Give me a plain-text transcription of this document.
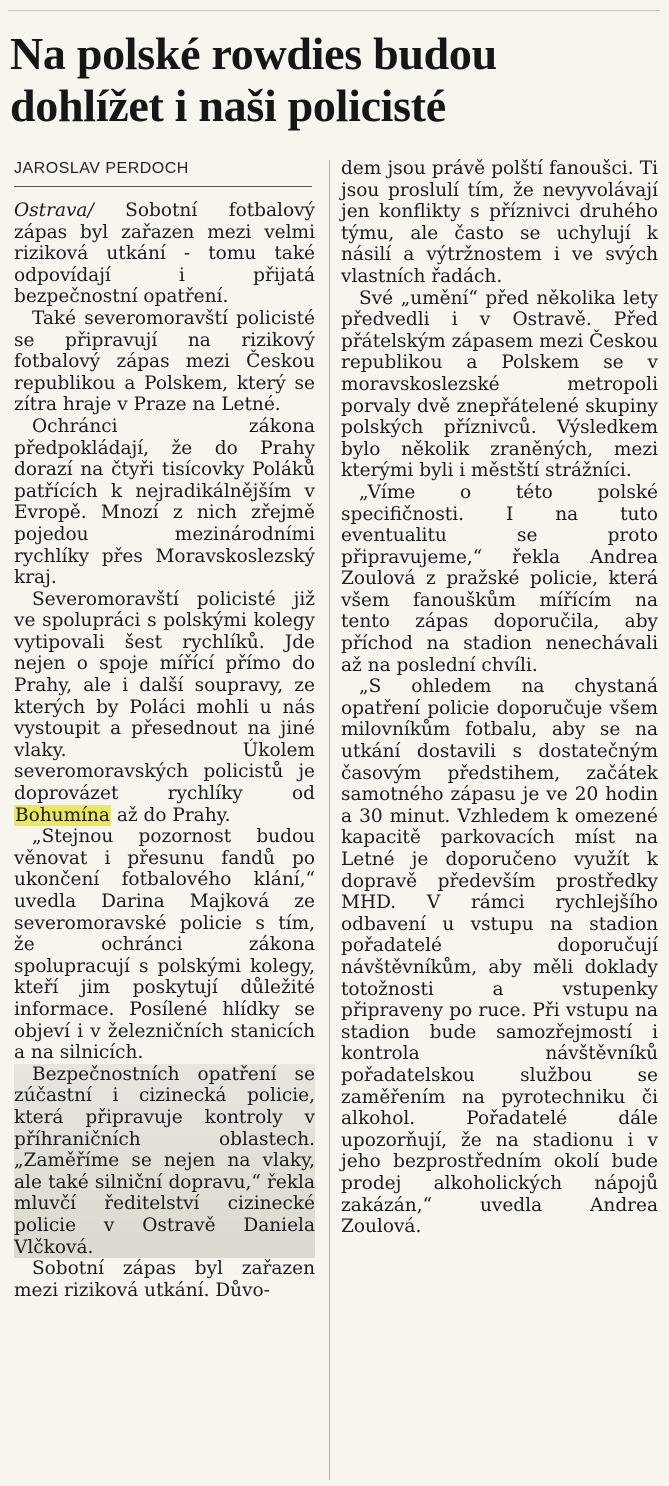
Na polské rowdies budou dohlížet i naši policisté
JAROSLAV PERDOCH

Ostrava/ Sobotní fotbalový zápas byl zařazen mezi velmi riziková utkání - tomu také odpovídají i přijatá bezpečnostní opatření.

Také severomoravští policisté se připravují na rizikový fotbalový zápas mezi Českou republikou a Polskem, který se zítra hraje v Praze na Letné.

Ochránci zákona předpokládají, že do Prahy dorazí na čtyři tisícovky Poláků patřících k nejradikálnějším v Evropě. Mnozí z nich zřejmě pojedou mezinárodními rychlíky přes Moravskoslezský kraj.

Severomoravští policisté již ve spolupráci s polskými kolegy vytipovali šest rychlíků. Jde nejen o spoje mířící přímo do Prahy, ale i další soupravy, ze kterých by Poláci mohli u nás vystoupit a přesednout na jiné vlaky. Úkolem severomoravských policistů je doprovázet rychlíky od Bohumína až do Prahy.

„Stejnou pozornost budou věnovat i přesunu fandů po ukončení fotbalového klání,“ uvedla Darina Majková ze severomoravské policie s tím, že ochránci zákona spolupracují s polskými kolegy, kteří jim poskytují důležité informace. Posílené hlídky se objeví i v železničních stanicích a na silnicích.

Bezpečnostních opatření se zúčastní i cizinecká policie, která připravuje kontroly v příhraničních oblastech. „Zaměříme se nejen na vlaky, ale také silniční dopravu,“ řekla mluvčí ředitelství cizinecké policie v Ostravě Daniela Vlčková.

Sobotní zápas byl zařazen mezi riziková utkání. Důvo-

dem jsou právě polští fanoušci. Ti jsou proslulí tím, že nevyvolávají jen konflikty s příznivci druhého týmu, ale často se uchylují k násilí a výtržnostem i ve svých vlastních řadách.

Své „umění“ před několika lety předvedli i v Ostravě. Před přátelským zápasem mezi Českou republikou a Polskem se v moravskoslezské metropoli porvaly dvě znepřátelené skupiny polských příznivců. Výsledkem bylo několik zraněných, mezi kterými byli i městští strážníci.

„Víme o této polské specifičnosti. I na tuto eventualitu se proto připravujeme,“ řekla Andrea Zoulová z pražské policie, která všem fanouškům mířícím na tento zápas doporučila, aby příchod na stadion nenechávali až na poslední chvíli.

„S ohledem na chystaná opatření policie doporučuje všem milovníkům fotbalu, aby se na utkání dostavili s dostatečným časovým předstihem, začátek samotného zápasu je ve 20 hodin a 30 minut. Vzhledem k omezené kapacitě parkovacích míst na Letné je doporučeno využít k dopravě především prostředky MHD. V rámci rychlejšího odbavení u vstupu na stadion pořadatelé doporučují návštěvníkům, aby měli doklady totožnosti a vstupenky připraveny po ruce. Při vstupu na stadion bude samozřejmostí i kontrola návštěvníků pořadatelskou službou se zaměřením na pyrotechniku či alkohol. Pořadatelé dále upozorňují, že na stadionu i v jeho bezprostředním okolí bude prodej alkoholických nápojů zakázán,“ uvedla Andrea Zoulová.
